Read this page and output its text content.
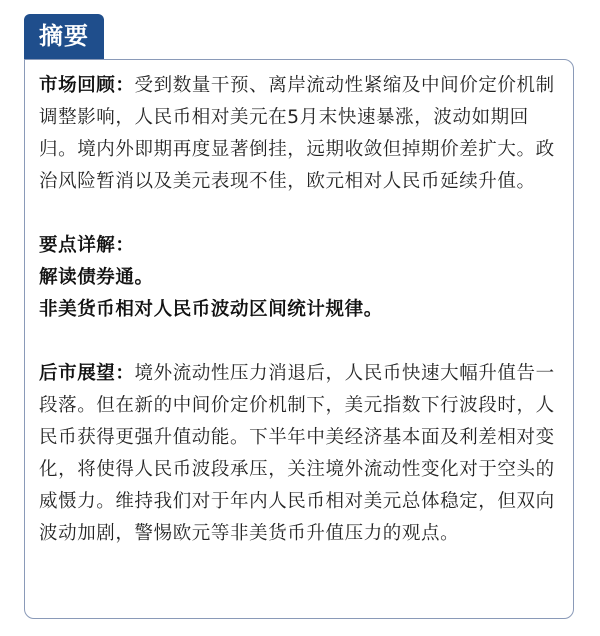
摘要

市场回顾：受到数量干预、离岸流动性紧缩及中间价定价机制调整影响，人民币相对美元在5月末快速暴涨，波动如期回归。境内外即期再度显著倒挂，远期收敛但掉期价差扩大。政治风险暂消以及美元表现不佳，欧元相对人民币延续升值。

要点详解：

解读债券通。

非美货币相对人民币波动区间统计规律。

后市展望：境外流动性压力消退后，人民币快速大幅升值告一段落。但在新的中间价定价机制下，美元指数下行波段时，人民币获得更强升值动能。下半年中美经济基本面及利差相对变化，将使得人民币波段承压，关注境外流动性变化对于空头的威慑力。维持我们对于年内人民币相对美元总体稳定，但双向波动加剧，警惕欧元等非美货币升值压力的观点。
